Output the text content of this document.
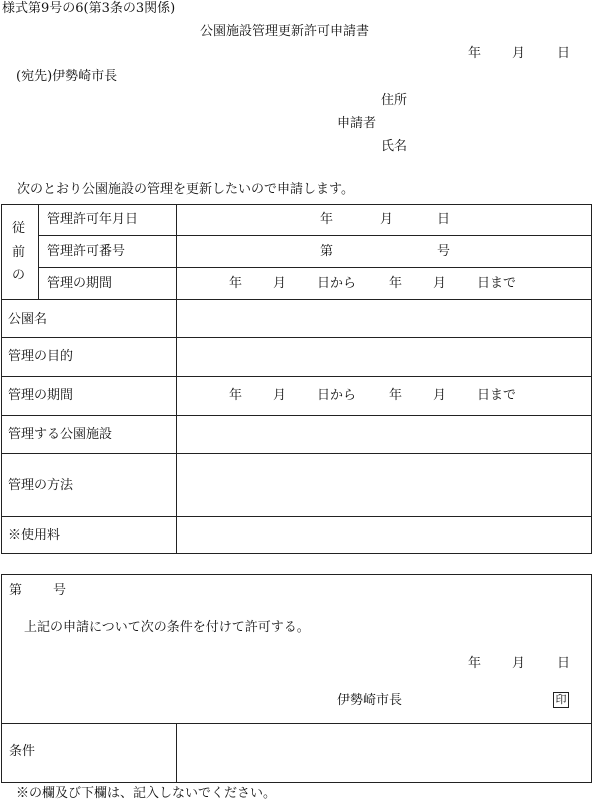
様式第9号の6(第3条の3関係)
公園施設管理更新許可申請書
年 月 日
(宛先)伊勢崎市長
住所
申請者
氏名
次のとおり公園施設の管理を更新したいので申請します。
従
前
の
管理許可年月日	年	月	日
管理許可番号	第	号
管理の期間	年 月 日から	年 月 日まで
公園名
管理の目的
管理の期間	年 月 日から	年 月 日まで
管理する公園施設
管理の方法
※使用料
第 号
上記の申請について次の条件を付けて許可する。
年 月 日
伊勢崎市長	印
条件
※の欄及び下欄は、記入しないでください。
